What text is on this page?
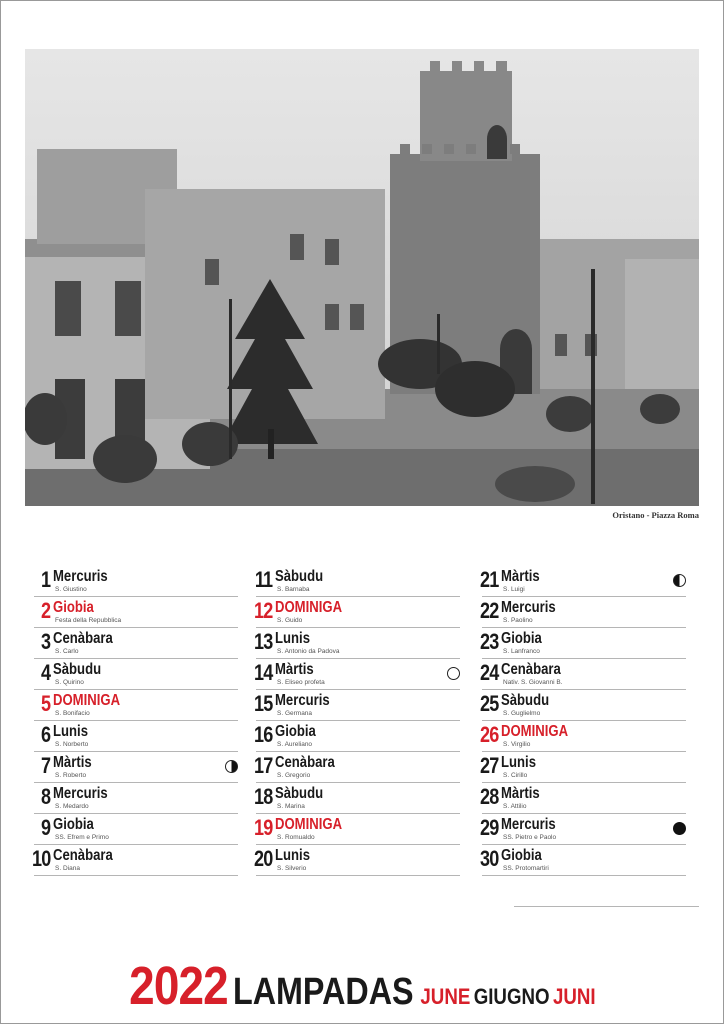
Oristano - Piazza Roma
1 Mercuris
S. Giustino
2 Giobia
Festa della Repubblica
3 Cenàbara
S. Carlo
4 Sàbudu
S. Quirino
5 DOMINIGA
S. Bonifacio
6 Lunis
S. Norberto
7 Màrtis
S. Roberto
8 Mercuris
S. Medardo
9 Giobia
SS. Efrem e Primo
10 Cenàbara
S. Diana
11 Sàbudu
S. Barnaba
12 DOMINIGA
S. Guido
13 Lunis
S. Antonio da Padova
14 Màrtis
S. Eliseo profeta
15 Mercuris
S. Germana
16 Giobia
S. Aureliano
17 Cenàbara
S. Gregorio
18 Sàbudu
S. Marina
19 DOMINIGA
S. Romualdo
20 Lunis
S. Silverio
21 Màrtis
S. Luigi
22 Mercuris
S. Paolino
23 Giobia
S. Lanfranco
24 Cenàbara
Nativ. S. Giovanni B.
25 Sàbudu
S. Guglielmo
26 DOMINIGA
S. Virgilio
27 Lunis
S. Cirillo
28 Màrtis
S. Attilio
29 Mercuris
SS. Pietro e Paolo
30 Giobia
SS. Protomartiri
2022 LAMPADAS JUNE GIUGNO JUNI
